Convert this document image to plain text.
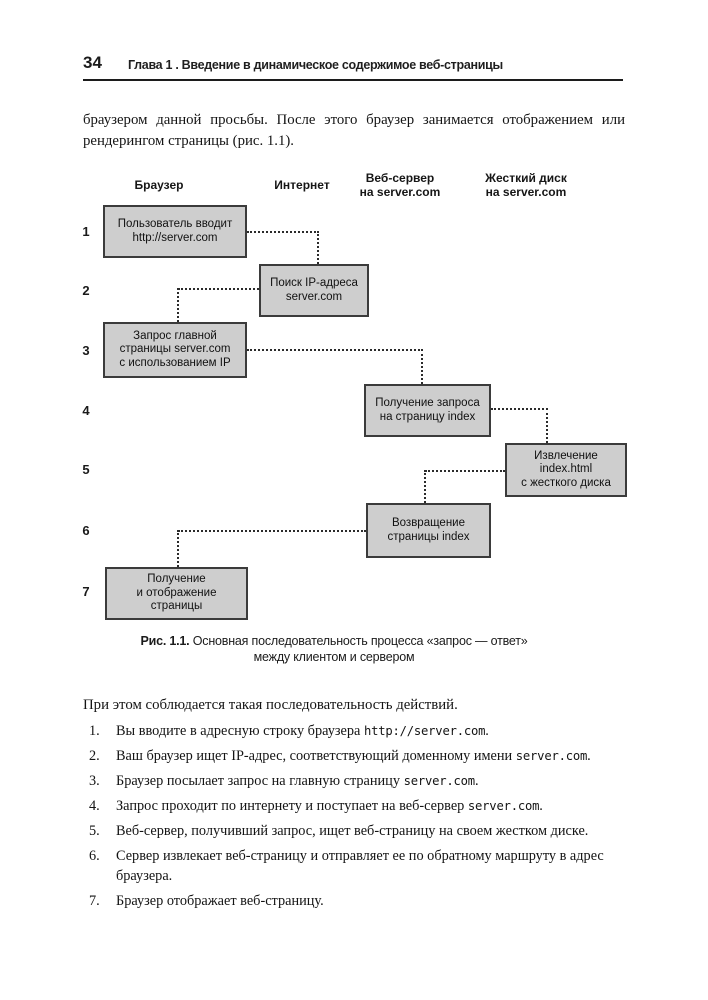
34 Глава 1 . Введение в динамическое содержимое веб-страницы

браузером данной просьбы. После этого браузер занимается отображением или рендерингом страницы (рис. 1.1).

Браузер	Интернет	Веб-сервер
на server.com
Жесткий диск
на server.com
1
2
3
4
5
6
7
Пользователь вводит
http://server.com
Поиск IP-адреса
server.com
Запрос главной
страницы server.com
с использованием IP
Получение запроса
на страницу index
Извлечение
index.html
с жесткого диска
Возвращение
страницы index
Получение
и отображение
страницы
Рис. 1.1. Основная последовательность процесса «запрос — ответ»
между клиентом и сервером

При этом соблюдается такая последовательность действий.

1.	Вы вводите в адресную строку браузера http://server.com.
2.	Ваш браузер ищет IP-адрес, соответствующий доменному имени server.com.
3.	Браузер посылает запрос на главную страницу server.com.
4.	Запрос проходит по интернету и поступает на веб-сервер server.com.
5.	Веб-сервер, получивший запрос, ищет веб-страницу на своем жестком диске.
6.	Сервер извлекает веб-страницу и отправляет ее по обратному маршруту в адрес браузера.
7.	Браузер отображает веб-страницу.
